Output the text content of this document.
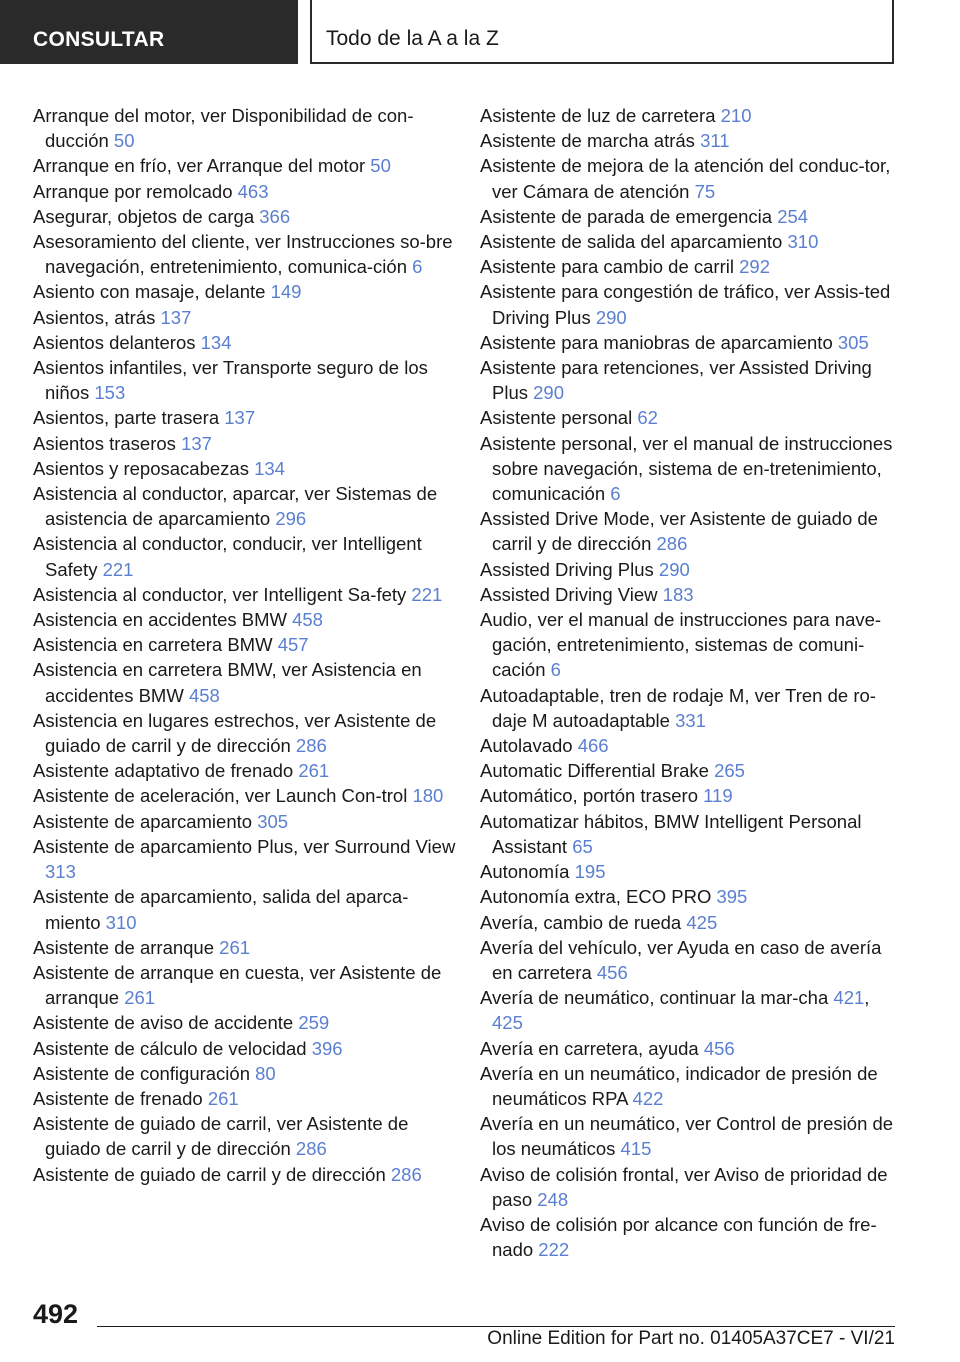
CONSULTAR	Todo de la A a la Z
Arranque del motor, ver Disponibilidad de con‐ducción 50
Arranque en frío, ver Arranque del motor 50
Arranque por remolcado 463
Asegurar, objetos de carga 366
Asesoramiento del cliente, ver Instrucciones so‐bre navegación, entretenimiento, comunica‐ción 6
Asiento con masaje, delante 149
Asientos, atrás 137
Asientos delanteros 134
Asientos infantiles, ver Transporte seguro de los niños 153
Asientos, parte trasera 137
Asientos traseros 137
Asientos y reposacabezas 134
Asistencia al conductor, aparcar, ver Sistemas de asistencia de aparcamiento 296
Asistencia al conductor, conducir, ver Intelligent Safety 221
Asistencia al conductor, ver Intelligent Sa‐fety 221
Asistencia en accidentes BMW 458
Asistencia en carretera BMW 457
Asistencia en carretera BMW, ver Asistencia en accidentes BMW 458
Asistencia en lugares estrechos, ver Asistente de guiado de carril y de dirección 286
Asistente adaptativo de frenado 261
Asistente de aceleración, ver Launch Con‐trol 180
Asistente de aparcamiento 305
Asistente de aparcamiento Plus, ver Surround View 313
Asistente de aparcamiento, salida del aparca‐miento 310
Asistente de arranque 261
Asistente de arranque en cuesta, ver Asistente de arranque 261
Asistente de aviso de accidente 259
Asistente de cálculo de velocidad 396
Asistente de configuración 80
Asistente de frenado 261
Asistente de guiado de carril, ver Asistente de guiado de carril y de dirección 286
Asistente de guiado de carril y de dirección 286
Asistente de luz de carretera 210
Asistente de marcha atrás 311
Asistente de mejora de la atención del conduc‐tor, ver Cámara de atención 75
Asistente de parada de emergencia 254
Asistente de salida del aparcamiento 310
Asistente para cambio de carril 292
Asistente para congestión de tráfico, ver Assis‐ted Driving Plus 290
Asistente para maniobras de aparcamiento 305
Asistente para retenciones, ver Assisted Driving Plus 290
Asistente personal 62
Asistente personal, ver el manual de instrucciones sobre navegación, sistema de en‐tretenimiento, comunicación 6
Assisted Drive Mode, ver Asistente de guiado de carril y de dirección 286
Assisted Driving Plus 290
Assisted Driving View 183
Audio, ver el manual de instrucciones para nave‐gación, entretenimiento, sistemas de comuni‐cación 6
Autoadaptable, tren de rodaje M, ver Tren de ro‐daje M autoadaptable 331
Autolavado 466
Automatic Differential Brake 265
Automático, portón trasero 119
Automatizar hábitos, BMW Intelligent Personal Assistant 65
Autonomía 195
Autonomía extra, ECO PRO 395
Avería, cambio de rueda 425
Avería del vehículo, ver Ayuda en caso de avería en carretera 456
Avería de neumático, continuar la mar‐cha 421, 425
Avería en carretera, ayuda 456
Avería en un neumático, indicador de presión de neumáticos RPA 422
Avería en un neumático, ver Control de presión de los neumáticos 415
Aviso de colisión frontal, ver Aviso de prioridad de paso 248
Aviso de colisión por alcance con función de fre‐nado 222
492
Online Edition for Part no. 01405A37CE7 - VI/21
